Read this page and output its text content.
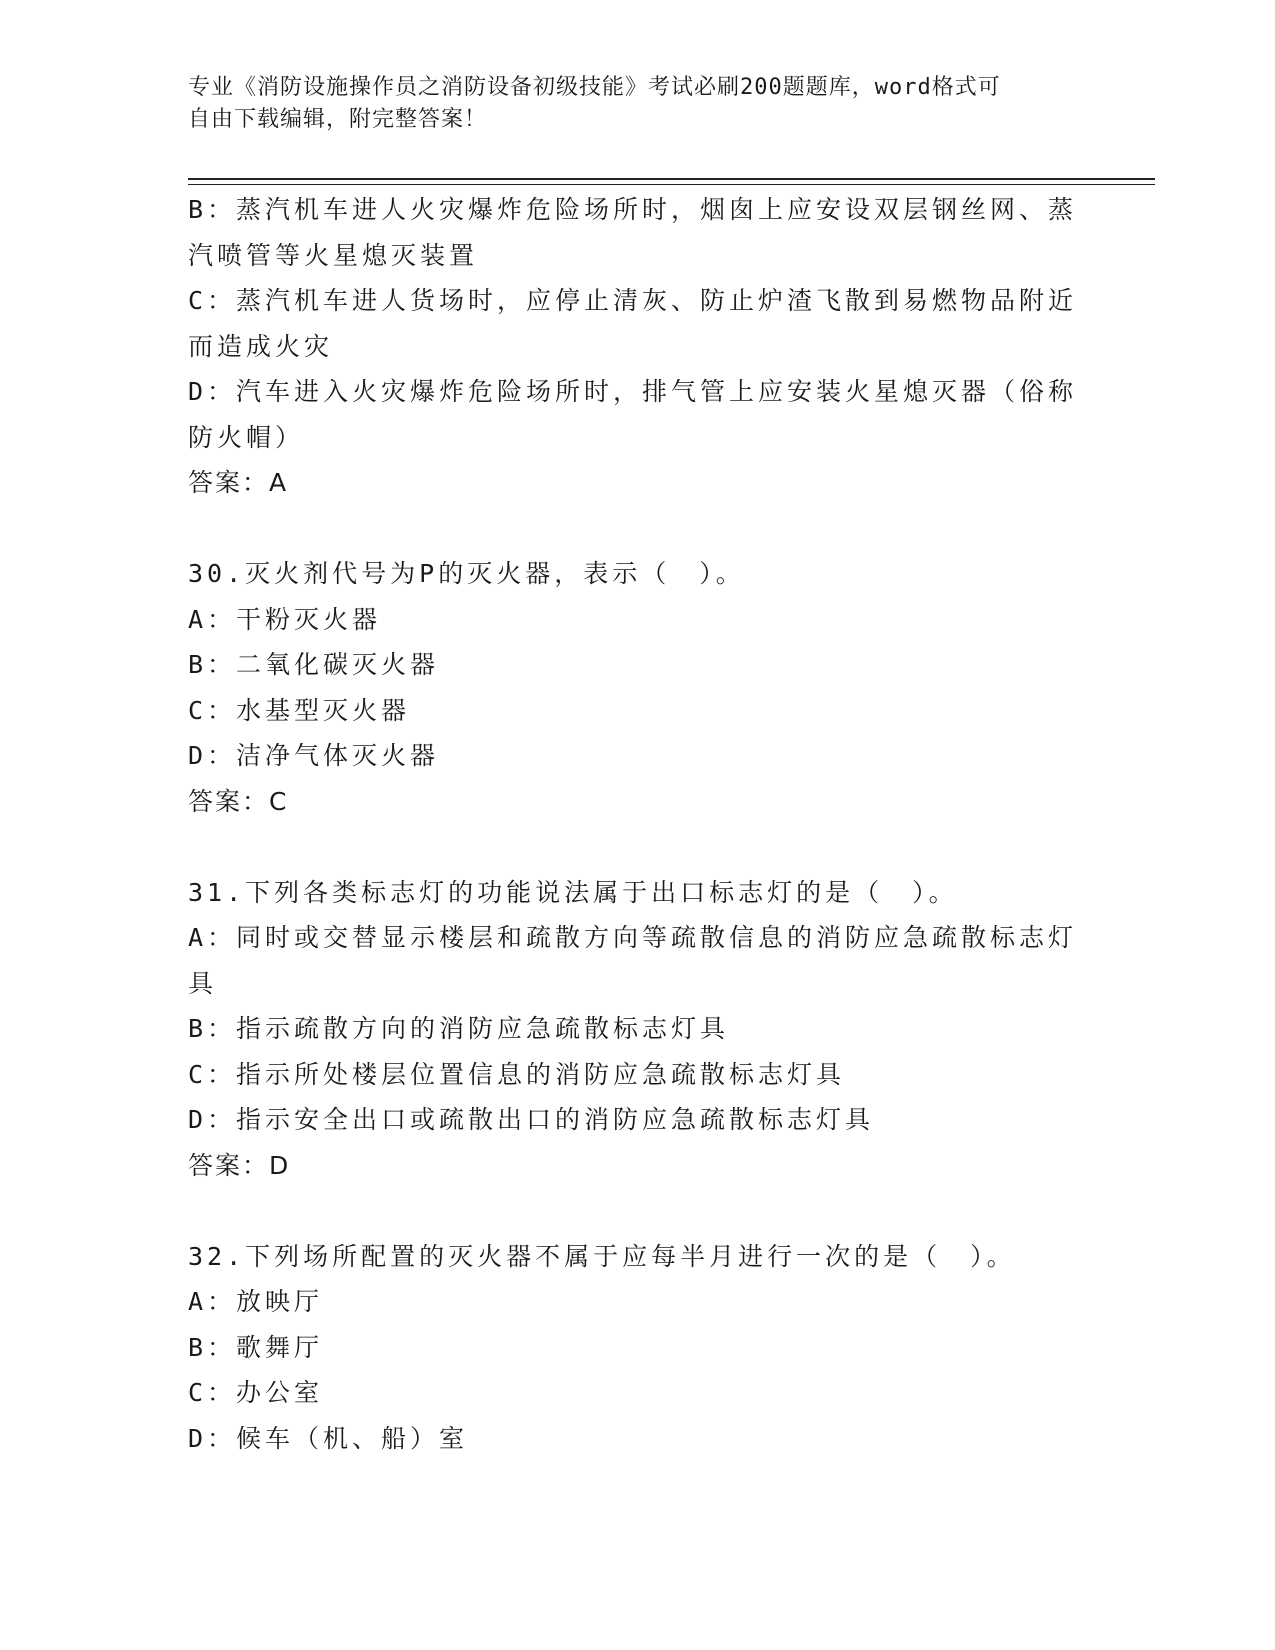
专业《消防设施操作员之消防设备初级技能》考试必刷200题题库，word格式可
自由下载编辑，附完整答案！
B：蒸汽机车进人火灾爆炸危险场所时，烟囱上应安设双层钢丝网、蒸
汽喷管等火星熄灭装置
C：蒸汽机车进人货场时，应停止清灰、防止炉渣飞散到易燃物品附近
而造成火灾
D：汽车进入火灾爆炸危险场所时，排气管上应安装火星熄灭器（俗称
防火帽）
答案：A
30.灭火剂代号为P的灭火器，表示（　）。
A：干粉灭火器
B：二氧化碳灭火器
C：水基型灭火器
D：洁净气体灭火器
答案：C
31.下列各类标志灯的功能说法属于出口标志灯的是（　）。
A：同时或交替显示楼层和疏散方向等疏散信息的消防应急疏散标志灯
具
B：指示疏散方向的消防应急疏散标志灯具
C：指示所处楼层位置信息的消防应急疏散标志灯具
D：指示安全出口或疏散出口的消防应急疏散标志灯具
答案：D
32.下列场所配置的灭火器不属于应每半月进行一次的是（　）。
A：放映厅
B：歌舞厅
C：办公室
D：候车（机、船）室
